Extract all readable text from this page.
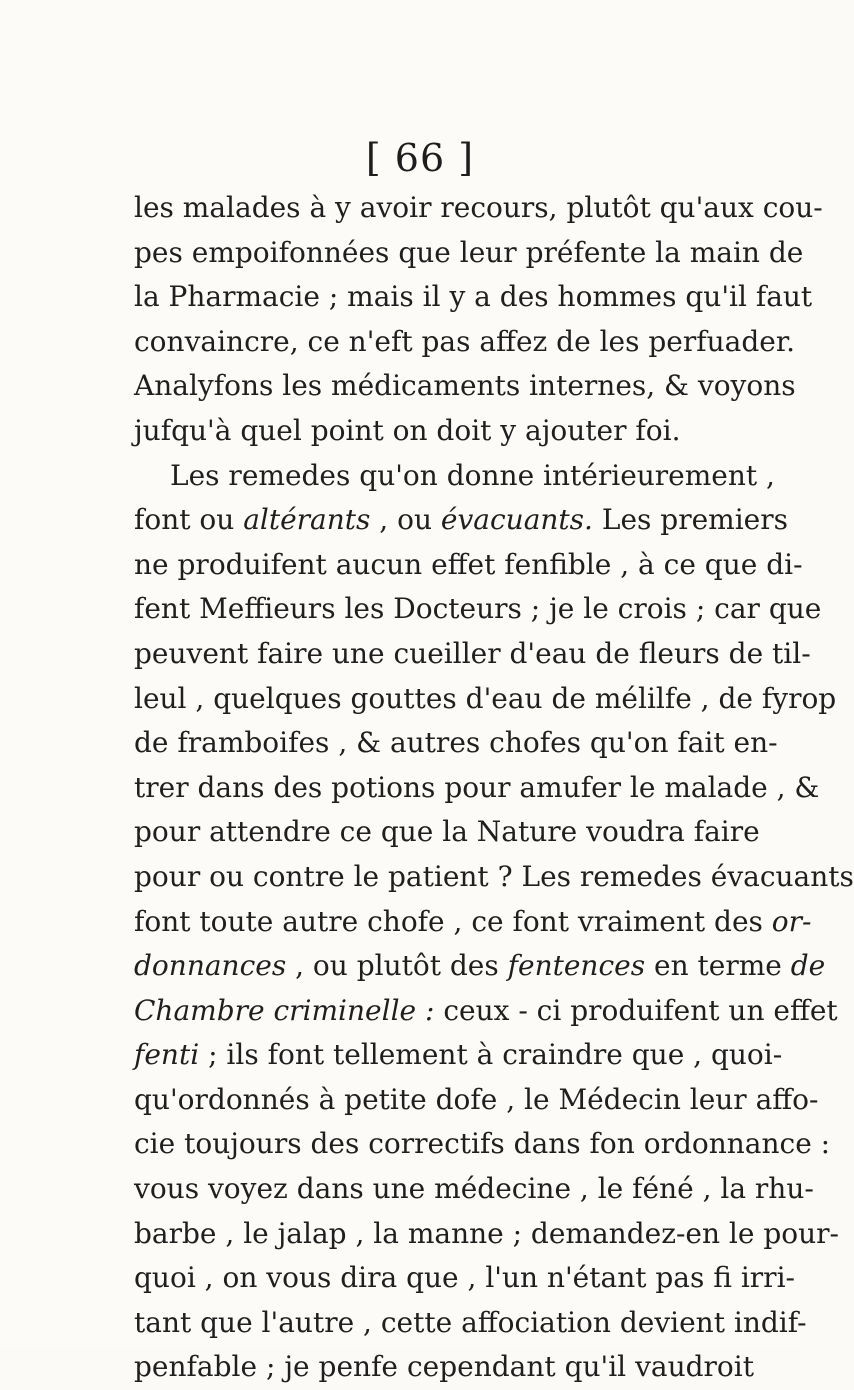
[ 66 ]
les malades à y avoir recours, plutôt qu'aux cou-
pes empoifonnées que leur préfente la main de
la Pharmacie ; mais il y a des hommes qu'il faut
convaincre, ce n'eft pas affez de les perfuader.
Analyfons les médicaments internes, & voyons
jufqu'à quel point on doit y ajouter foi.
Les remedes qu'on donne intérieurement ,
font ou altérants , ou évacuants. Les premiers
ne produifent aucun effet fenfible , à ce que di-
fent Meffieurs les Docteurs ; je le crois ; car que
peuvent faire une cueiller d'eau de fleurs de til-
leul , quelques gouttes d'eau de mélilfe , de fyrop
de framboifes , & autres chofes qu'on fait en-
trer dans des potions pour amufer le malade , &
pour attendre ce que la Nature voudra faire
pour ou contre le patient ? Les remedes évacuants
font toute autre chofe , ce font vraiment des or-
donnances , ou plutôt des fentences en terme de
Chambre criminelle : ceux - ci produifent un effet
fenti ; ils font tellement à craindre que , quoi-
qu'ordonnés à petite dofe , le Médecin leur affo-
cie toujours des correctifs dans fon ordonnance :
vous voyez dans une médecine , le féné , la rhu-
barbe , le jalap , la manne ; demandez-en le pour-
quoi , on vous dira que , l'un n'étant pas fi irri-
tant que l'autre , cette affociation devient indif-
penfable ; je penfe cependant qu'il vaudroit
